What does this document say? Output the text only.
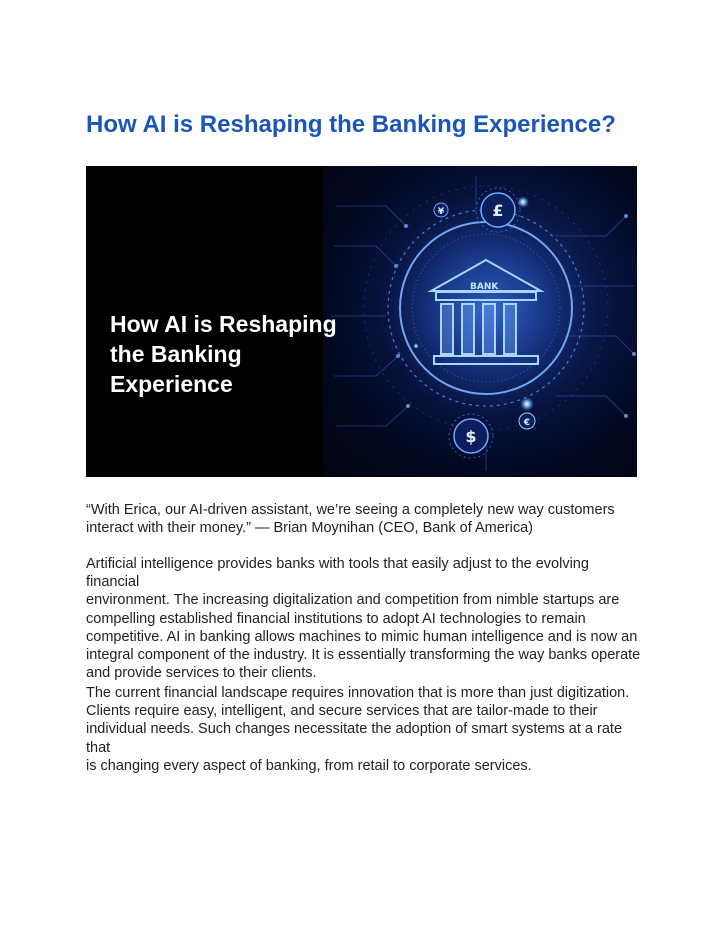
How AI is Reshaping the Banking Experience?
BANK
£
¥
$
€

How AI is Reshaping
the Banking
Experience

“With Erica, our AI-driven assistant, we’re seeing a completely new way customers
interact with their money.” — Brian Moynihan (CEO, Bank of America)

Artificial intelligence provides banks with tools that easily adjust to the evolving financial
environment. The increasing digitalization and competition from nimble startups are
compelling established financial institutions to adopt AI technologies to remain
competitive. AI in banking allows machines to mimic human intelligence and is now an
integral component of the industry. It is essentially transforming the way banks operate
and provide services to their clients.

The current financial landscape requires innovation that is more than just digitization.
Clients require easy, intelligent, and secure services that are tailor-made to their
individual needs. Such changes necessitate the adoption of smart systems at a rate that
is changing every aspect of banking, from retail to corporate services.
